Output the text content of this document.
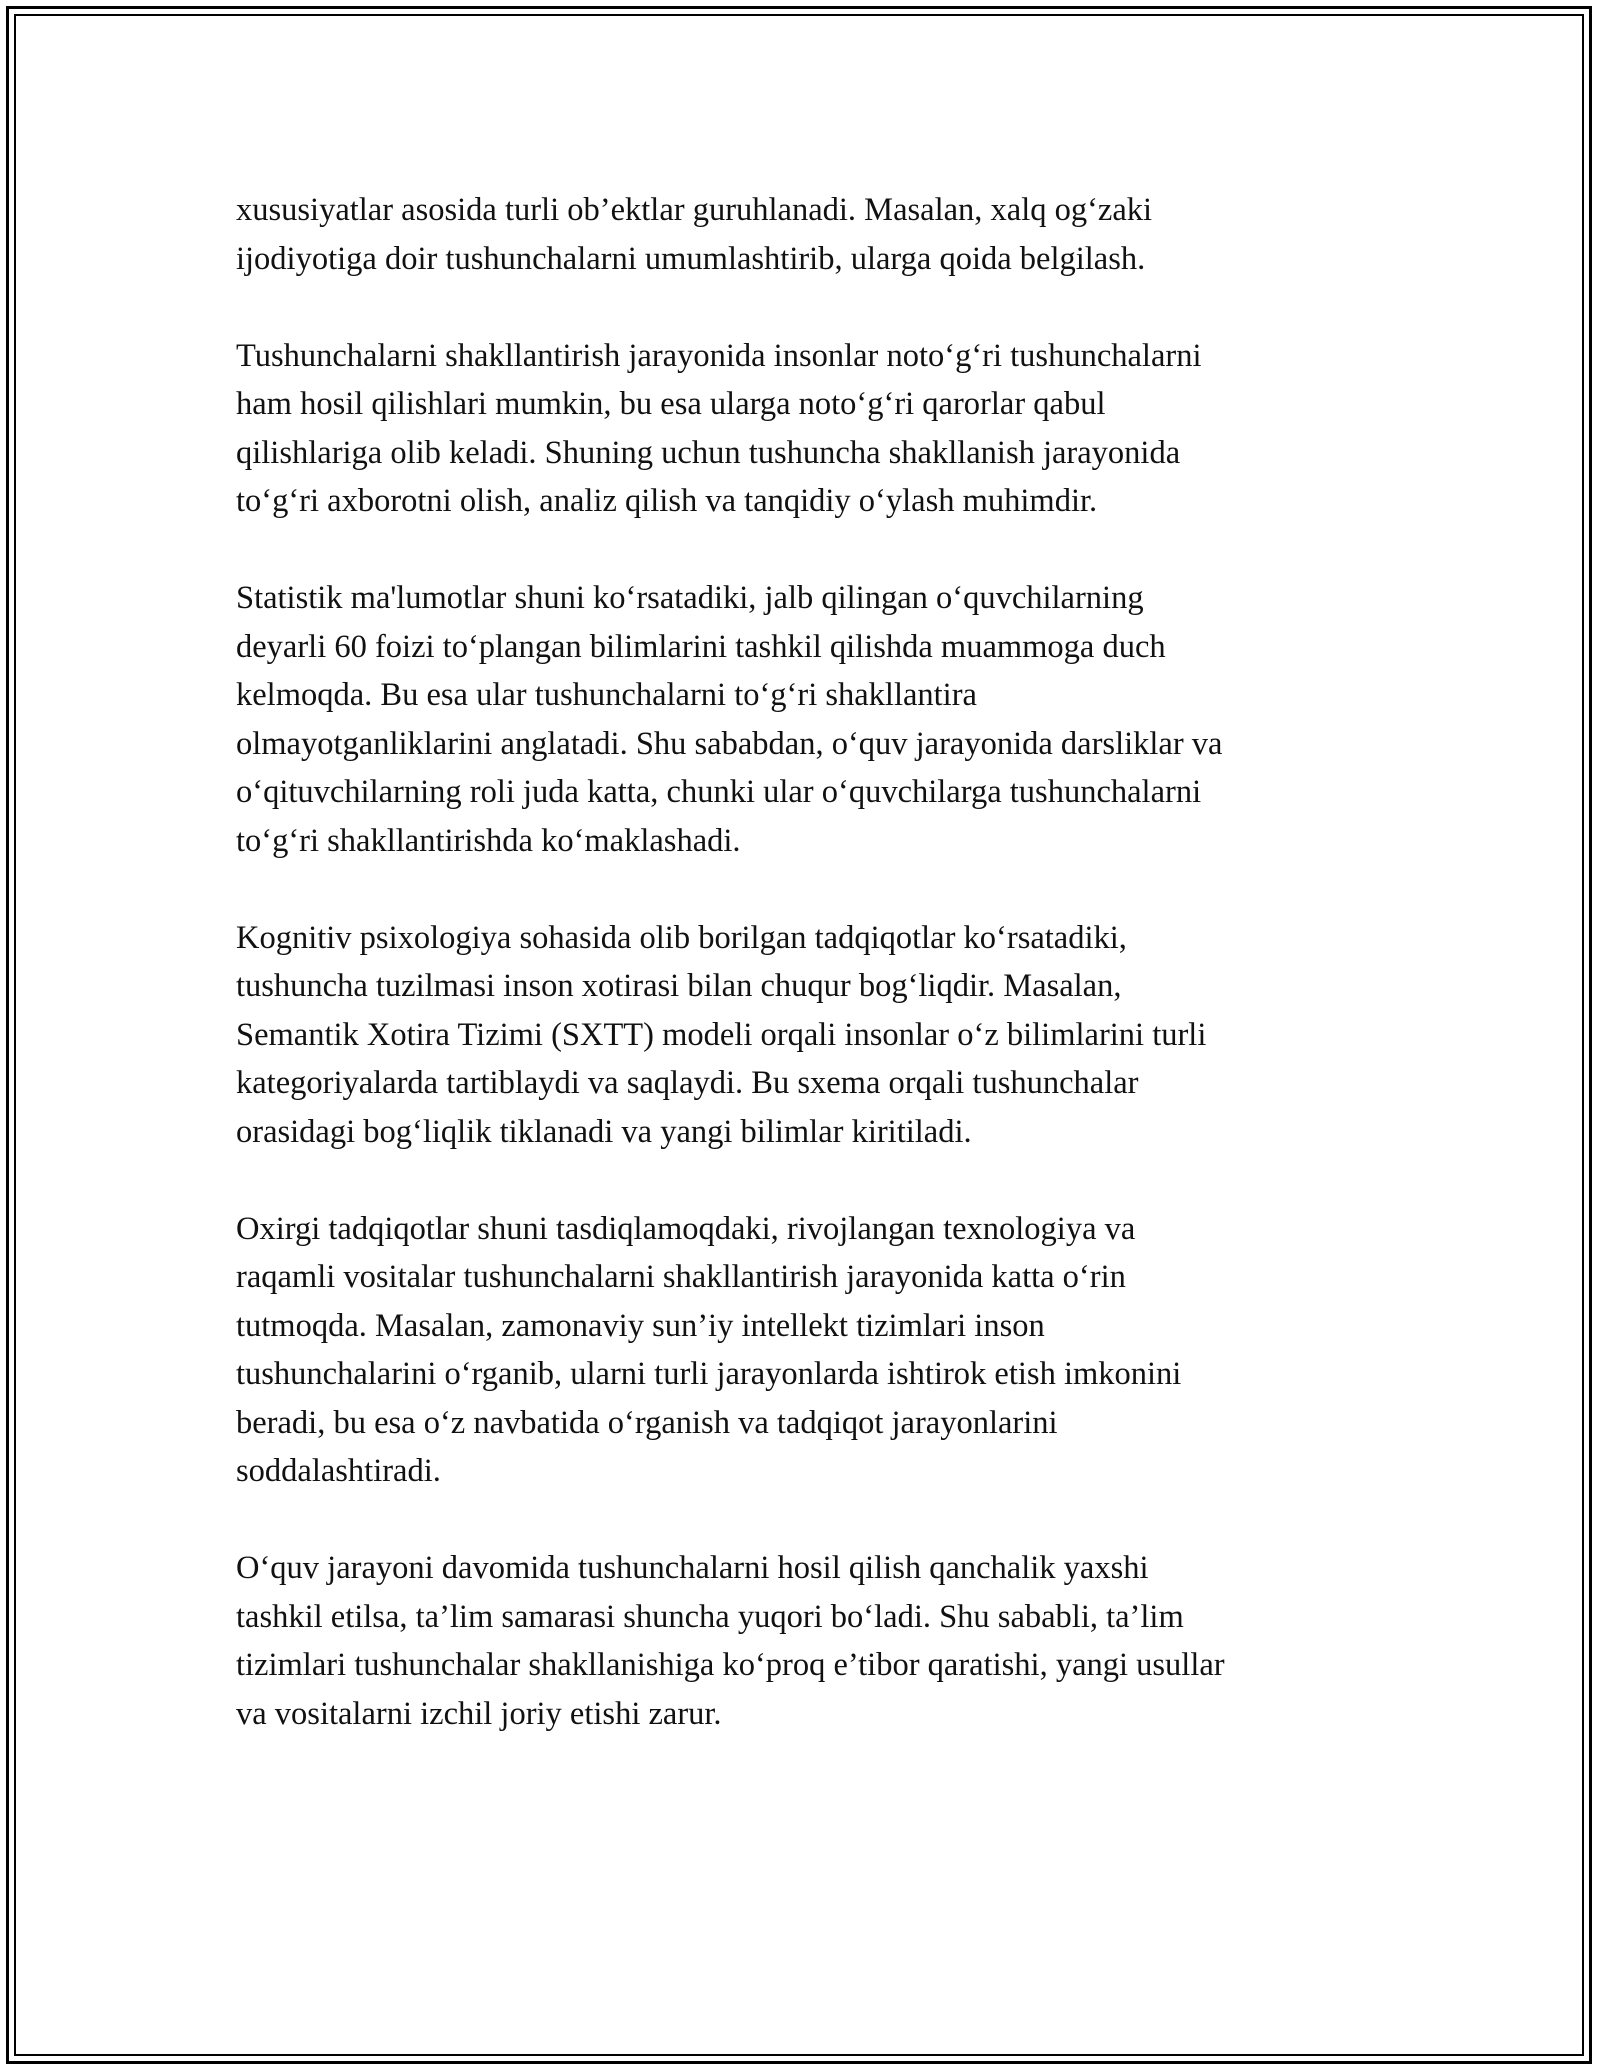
xususiyatlar asosida turli ob’ektlar guruhlanadi. Masalan, xalq og‘zaki
ijodiyotiga doir tushunchalarni umumlashtirib, ularga qoida belgilash.

Tushunchalarni shakllantirish jarayonida insonlar noto‘g‘ri tushunchalarni
ham hosil qilishlari mumkin, bu esa ularga noto‘g‘ri qarorlar qabul
qilishlariga olib keladi. Shuning uchun tushuncha shakllanish jarayonida
to‘g‘ri axborotni olish, analiz qilish va tanqidiy o‘ylash muhimdir.

Statistik ma'lumotlar shuni ko‘rsatadiki, jalb qilingan o‘quvchilarning
deyarli 60 foizi to‘plangan bilimlarini tashkil qilishda muammoga duch
kelmoqda. Bu esa ular tushunchalarni to‘g‘ri shakllantira
olmayotganliklarini anglatadi. Shu sababdan, o‘quv jarayonida darsliklar va
o‘qituvchilarning roli juda katta, chunki ular o‘quvchilarga tushunchalarni
to‘g‘ri shakllantirishda ko‘maklashadi.

Kognitiv psixologiya sohasida olib borilgan tadqiqotlar ko‘rsatadiki,
tushuncha tuzilmasi inson xotirasi bilan chuqur bog‘liqdir. Masalan,
Semantik Xotira Tizimi (SXTT) modeli orqali insonlar o‘z bilimlarini turli
kategoriyalarda tartiblaydi va saqlaydi. Bu sxema orqali tushunchalar
orasidagi bog‘liqlik tiklanadi va yangi bilimlar kiritiladi.

Oxirgi tadqiqotlar shuni tasdiqlamoqdaki, rivojlangan texnologiya va
raqamli vositalar tushunchalarni shakllantirish jarayonida katta o‘rin
tutmoqda. Masalan, zamonaviy sun’iy intellekt tizimlari inson
tushunchalarini o‘rganib, ularni turli jarayonlarda ishtirok etish imkonini
beradi, bu esa o‘z navbatida o‘rganish va tadqiqot jarayonlarini
soddalashtiradi.

O‘quv jarayoni davomida tushunchalarni hosil qilish qanchalik yaxshi
tashkil etilsa, ta’lim samarasi shuncha yuqori bo‘ladi. Shu sababli, ta’lim
tizimlari tushunchalar shakllanishiga ko‘proq e’tibor qaratishi, yangi usullar
va vositalarni izchil joriy etishi zarur.
